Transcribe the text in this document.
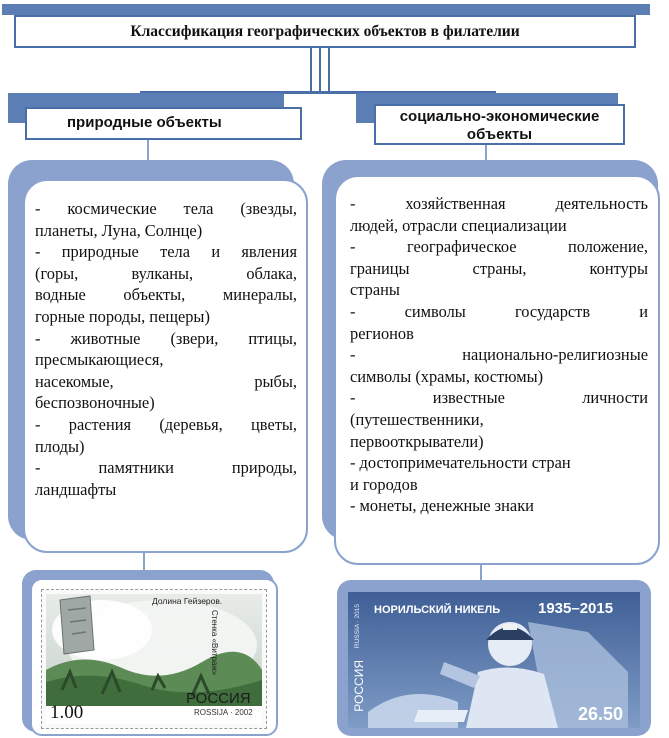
Классификация географических объектов в филателии
природные объекты	социально-экономические
объекты
- космические тела (звезды,
планеты, Луна, Солнце)
- природные тела и явления
(горы, вулканы, облака,
водные объекты, минералы,
горные породы, пещеры)
- животные (звери, птицы,
пресмыкающиеся,
насекомые, рыбы,
беспозвоночные)
- растения (деревья, цветы,
плоды)
- памятники природы,
ландшафты
- хозяйственная деятельность
людей, отрасли специализации
- географическое положение,
границы страны, контуры
страны
- символы государств и
регионов
- национально-религиозные
символы (храмы, костюмы)
- известные личности
(путешественники,
первооткрыватели)
- достопримечательности стран
и городов
- монеты, денежные знаки
Долина Гейзеров.
Стенка «Витраж»
РОССИЯ
ROSSIJA · 2002
1.00
НОРИЛЬСКИЙ НИКЕЛЬ	1935–2015
RUSSIA · 2015
РОССИЯ
26.50
